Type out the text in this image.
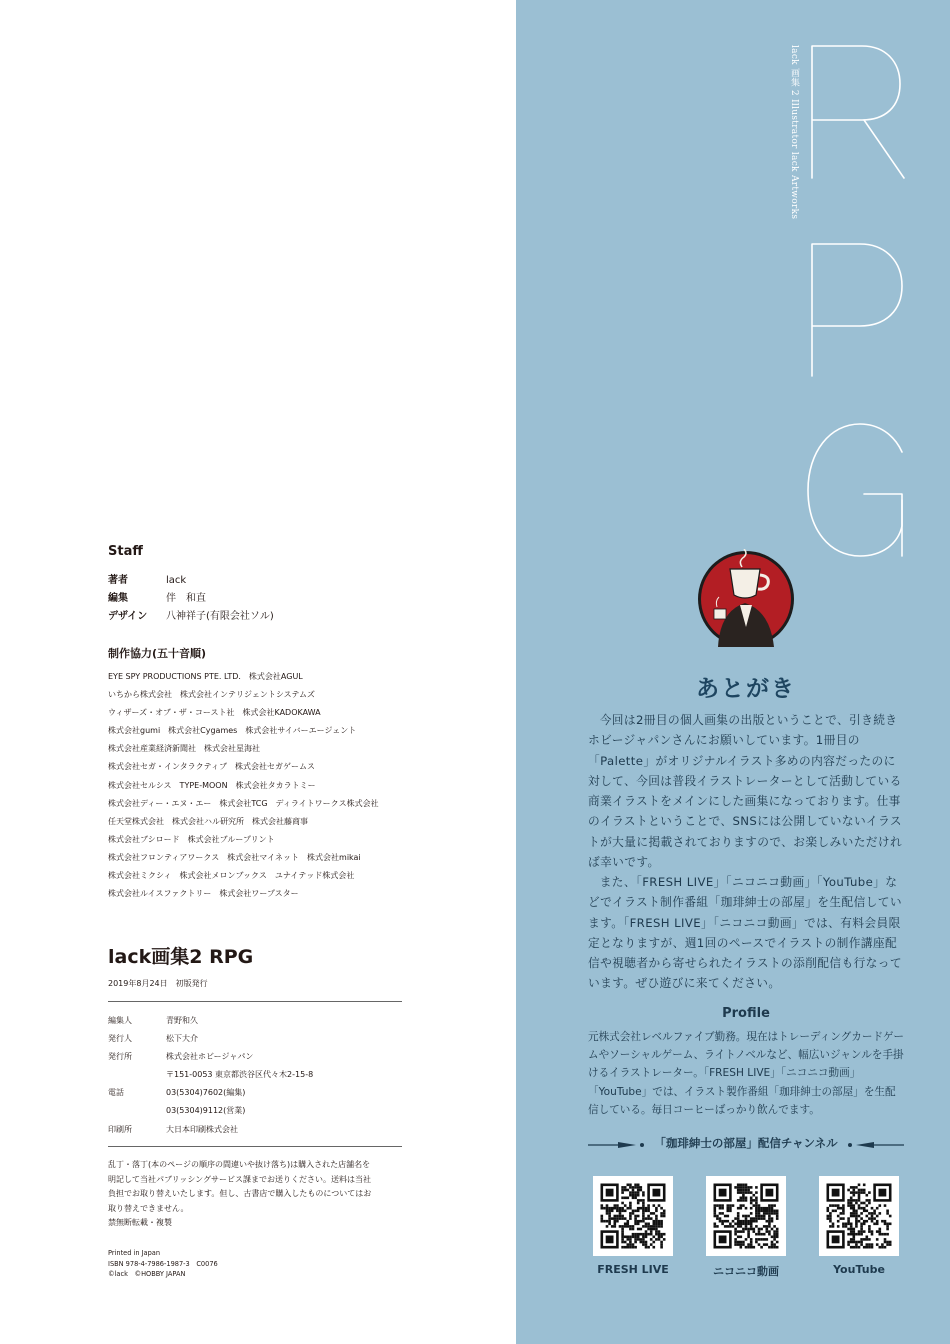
Staff
著者	lack
編集	伴　和直
デザイン	八神祥子(有限会社ソル)
制作協力(五十音順)
EYE SPY PRODUCTIONS PTE. LTD.　株式会社AGUL
いちから株式会社　株式会社インテリジェントシステムズ
ウィザーズ・オブ・ザ・コースト社　株式会社KADOKAWA
株式会社gumi　株式会社Cygames　株式会社サイバーエージェント
株式会社産業経済新聞社　株式会社星海社
株式会社セガ・インタラクティブ　株式会社セガゲームス
株式会社セルシス　TYPE-MOON　株式会社タカラトミー
株式会社ディー・エヌ・エー　株式会社TCG　ディライトワークス株式会社
任天堂株式会社　株式会社ハル研究所　株式会社藤商事
株式会社ブシロード　株式会社ブループリント
株式会社フロンティアワークス　株式会社マイネット　株式会社mikai
株式会社ミクシィ　株式会社メロンブックス　ユナイテッド株式会社
株式会社ルイスファクトリー　株式会社ワープスター
lack画集2 RPG
2019年8月24日　初版発行
編集人	青野和久
発行人	松下大介
発行所	株式会社ホビージャパン
〒151-0053 東京都渋谷区代々木2-15-8
電話	03(5304)7602(編集)
03(5304)9112(営業)
印刷所	大日本印刷株式会社
乱丁・落丁(本のページの順序の間違いや抜け落ち)は購入された店舗名を
明記して当社パブリッシングサービス課までお送りください。送料は当社
負担でお取り替えいたします。但し、古書店で購入したものについてはお
取り替えできません。
禁無断転載・複製
Printed in Japan
ISBN 978-4-7986-1987-3　C0076
©lack　©HOBBY JAPAN
lack 画集 2 Illustrator lack Artworks
あとがき

今回は2冊目の個人画集の出版ということで、引き続きホビージャパンさんにお願いしています。1冊目の「Palette」がオリジナルイラスト多めの内容だったのに対して、今回は普段イラストレーターとして活動している商業イラストをメインにした画集になっております。仕事のイラストということで、SNSには公開していないイラストが大量に掲載されておりますので、お楽しみいただければ幸いです。

また、「FRESH LIVE」「ニコニコ動画」「YouTube」などでイラスト制作番組「珈琲紳士の部屋」を生配信しています。「FRESH LIVE」「ニコニコ動画」では、有料会員限定となりますが、週1回のペースでイラストの制作講座配信や視聴者から寄せられたイラストの添削配信も行なっています。ぜひ遊びに来てください。

Profile
元株式会社レベルファイブ勤務。現在はトレーディングカードゲームやソーシャルゲーム、ライトノベルなど、幅広いジャンルを手掛けるイラストレーター。「FRESH LIVE」「ニコニコ動画」「YouTube」では、イラスト製作番組「珈琲紳士の部屋」を生配信している。毎日コーヒーばっかり飲んでます。
「珈琲紳士の部屋」配信チャンネル
FRESH LIVE	ニコニコ動画	YouTube
